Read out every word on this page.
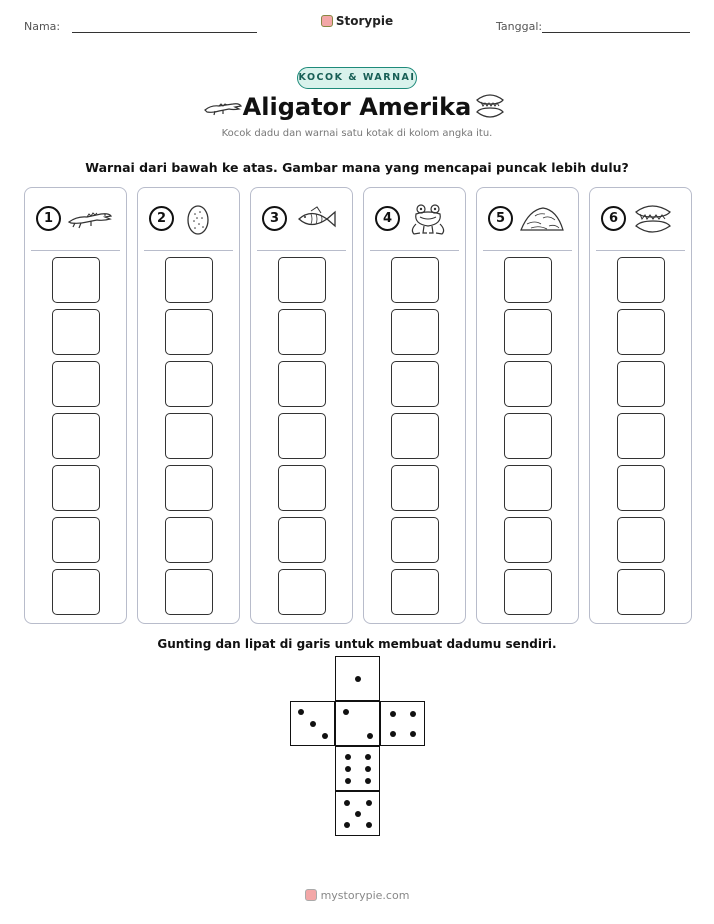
Nama:	Tanggal:
Storypie
KOCOK & WARNAI
Aligator Amerika
Kocok dadu dan warnai satu kotak di kolom angka itu.
Warnai dari bawah ke atas. Gambar mana yang mencapai puncak lebih dulu?
1	2	3	4	5	6
Gunting dan lipat di garis untuk membuat dadumu sendiri.
mystorypie.com
